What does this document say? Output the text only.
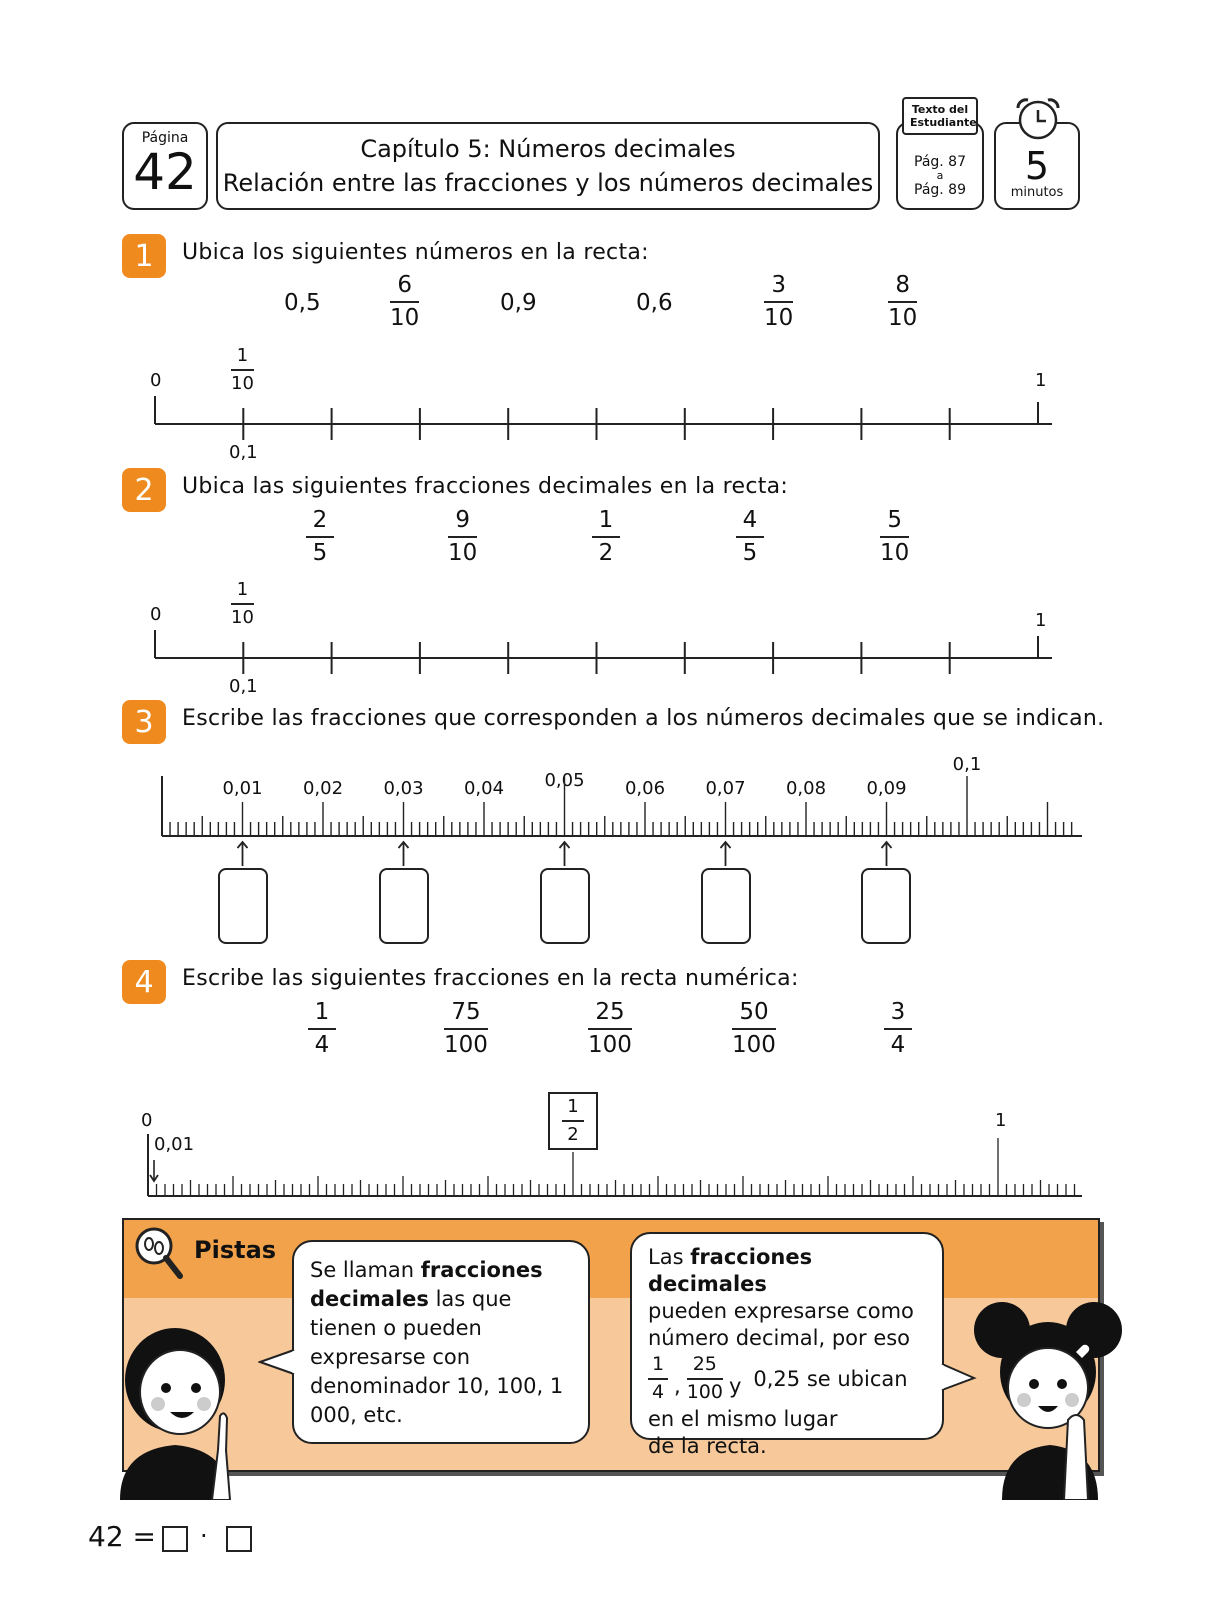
Página
42	Capítulo 5: Números decimales
Relación entre las fracciones y los números decimales
Pág. 87
a
Pág. 89
Texto del Estudiante
5
minutos
1	Ubica los siguientes números en la recta:
0,5
6
10
0,9	0,6
3
10
8
10
0
1
10	1
0,1
2	Ubica las siguientes fracciones decimales en la recta:
2
5
9
10
1
2
4
5
5
10
0
1
10	1
0,1
3	Escribe las fracciones que corresponden a los números decimales que se indican.
0,01 0,02 0,03 0,04 0,05 0,06 0,07 0,08 0,09
0,1
4	Escribe las siguientes fracciones en la recta numérica:
1
4
75
100
25
100
50
100
3
4
0
0,01
1
$\frac{1}{2}$
Pistas
Se llaman fracciones decimales las que tienen o pueden expresarse con denominador 10, 100, 1 000, etc.
Las fracciones decimales
pueden expresarse como número decimal, por eso
$\frac{1}{4}$ , $\frac{25}{100}$ y 0,25 se ubican
en el mismo lugar de la recta.
42 = ·
